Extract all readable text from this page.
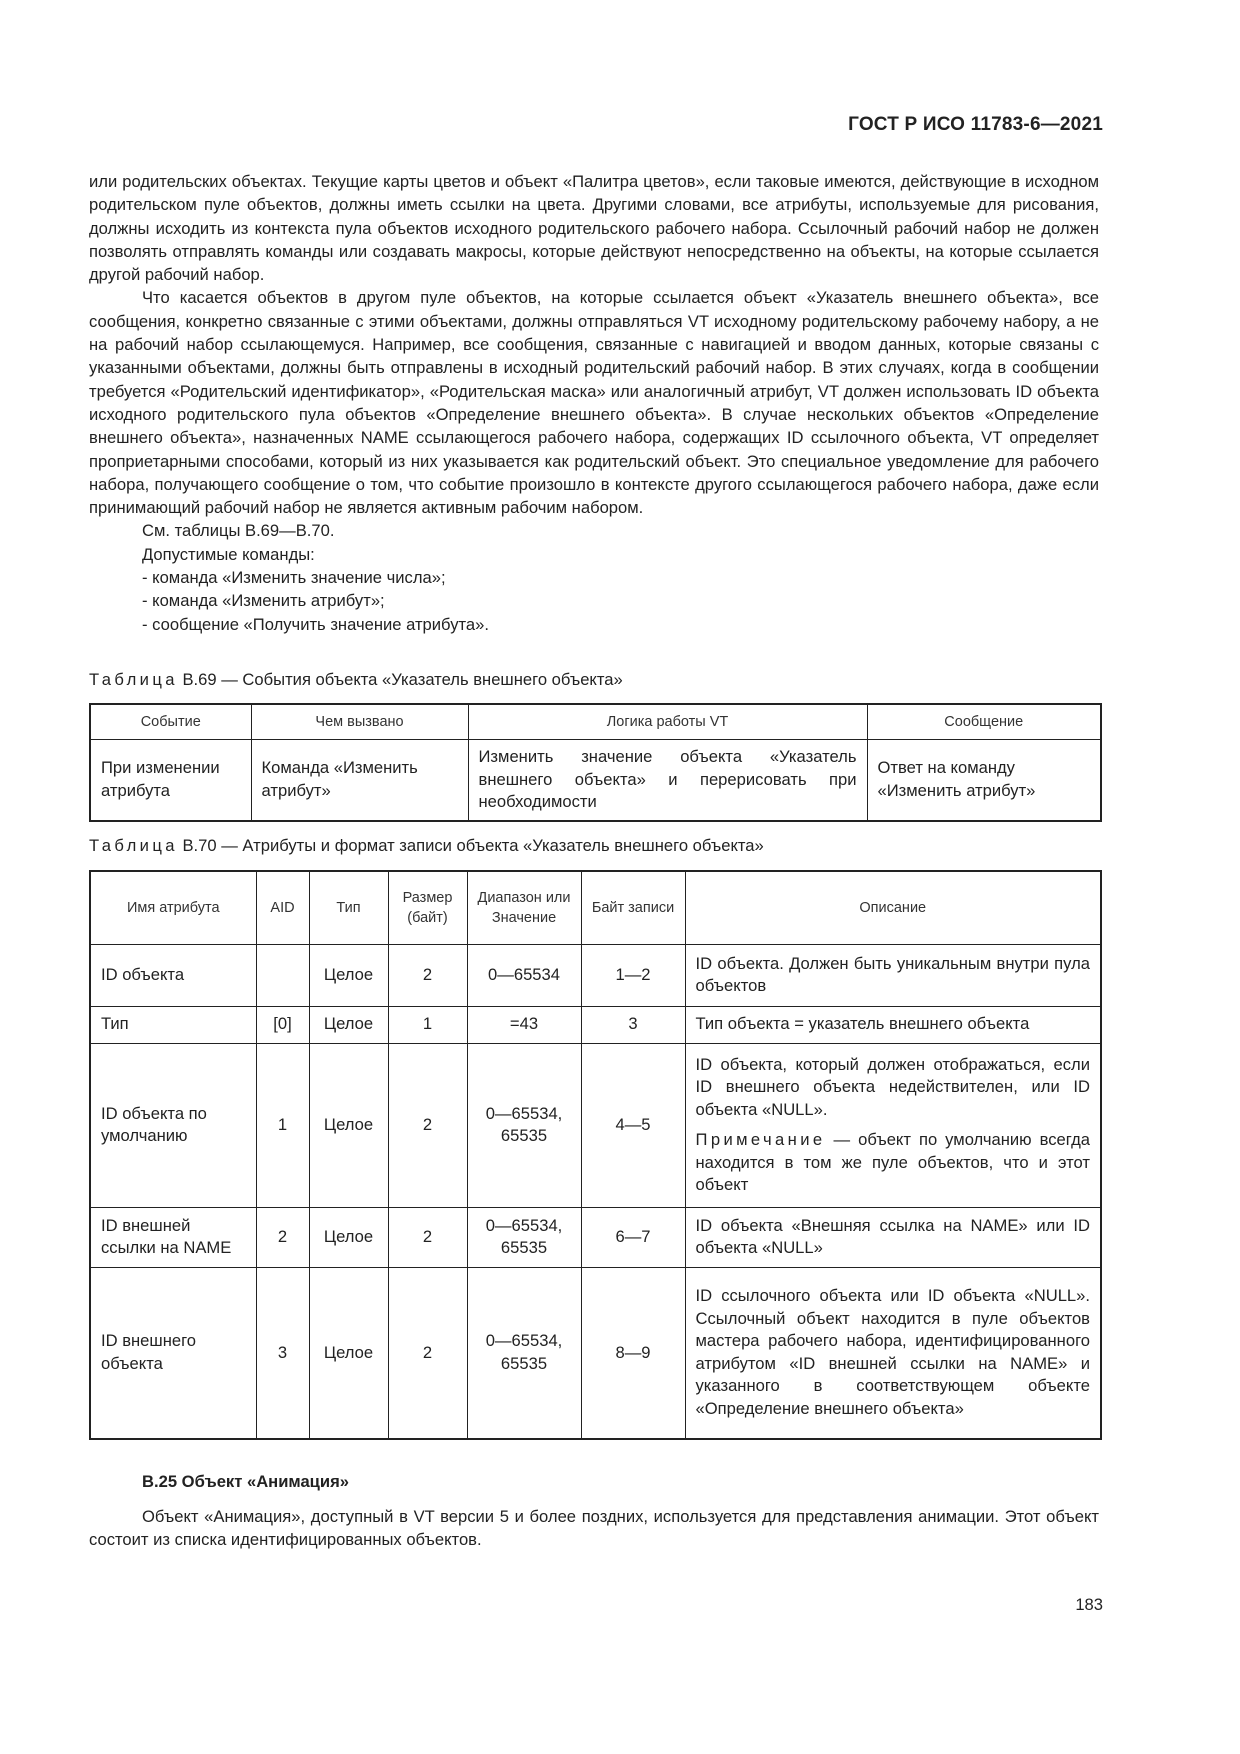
ГОСТ Р ИСО 11783-6—2021

или родительских объектах. Текущие карты цветов и объект «Палитра цветов», если таковые имеются, действующие в исходном родительском пуле объектов, должны иметь ссылки на цвета. Другими словами, все атрибуты, используемые для рисования, должны исходить из контекста пула объектов исходного родительского рабочего набора. Ссылочный рабочий набор не должен позволять отправлять команды или создавать макросы, которые действуют непосредственно на объекты, на которые ссылается другой рабочий набор.

Что касается объектов в другом пуле объектов, на которые ссылается объект «Указатель внешнего объекта», все сообщения, конкретно связанные с этими объектами, должны отправляться VT исходному родительскому рабочему набору, а не на рабочий набор ссылающемуся. Например, все сообщения, связанные с навигацией и вводом данных, которые связаны с указанными объектами, должны быть отправлены в исходный родительский рабочий набор. В этих случаях, когда в сообщении требуется «Родительский идентификатор», «Родительская маска» или аналогичный атрибут, VT должен использовать ID объекта исходного родительского пула объектов «Определение внешнего объекта». В случае нескольких объектов «Определение внешнего объекта», назначенных NAME ссылающегося рабочего набора, содержащих ID ссылочного объекта, VT определяет проприетарными способами, который из них указывается как родительский объект. Это специальное уведомление для рабочего набора, получающего сообщение о том, что событие произошло в контексте другого ссылающегося рабочего набора, даже если принимающий рабочий набор не является активным рабочим набором.

См. таблицы В.69—В.70.

Допустимые команды:

- команда «Изменить значение числа»;

- команда «Изменить атрибут»;

- сообщение «Получить значение атрибута».

Таблица В.69 — События объекта «Указатель внешнего объекта»
Событие	Чем вызвано	Логика работы VT	Сообщение
При изменении атрибута	Команда «Изменить атрибут»	Изменить значение объекта «Указатель внешнего объекта» и перерисовать при необходимости	Ответ на команду «Изменить атрибут»
Таблица В.70 — Атрибуты и формат записи объекта «Указатель внешнего объекта»
Имя атрибута	AID	Тип	Размер (байт)	Диапазон или Значение	Байт записи	Описание
ID объекта		Целое	2	0—65534	1—2	ID объекта. Должен быть уникальным внутри пула объектов
Тип	[0]	Целое	1	=43	3	Тип объекта = указатель внешнего объекта
ID объекта по умолчанию	1	Целое	2	0—65534, 65535	4—5	ID объекта, который должен отображаться, если ID внешнего объекта недействителен, или ID объекта «NULL».
Примечание — объект по умолчанию всегда находится в том же пуле объектов, что и этот объект

ID внешней ссылки на NAME	2	Целое	2	0—65534, 65535	6—7	ID объекта «Внешняя ссылка на NAME» или ID объекта «NULL»
ID внешнего объекта	3	Целое	2	0—65534, 65535	8—9	ID ссылочного объекта или ID объекта «NULL». Ссылочный объект находится в пуле объектов мастера рабочего набора, идентифицированного атрибутом «ID внешней ссылки на NAME» и указанного в соответствующем объекте «Определение внешнего объекта»
В.25 Объект «Анимация»

Объект «Анимация», доступный в VT версии 5 и более поздних, используется для представления анимации. Этот объект состоит из списка идентифицированных объектов.

183
